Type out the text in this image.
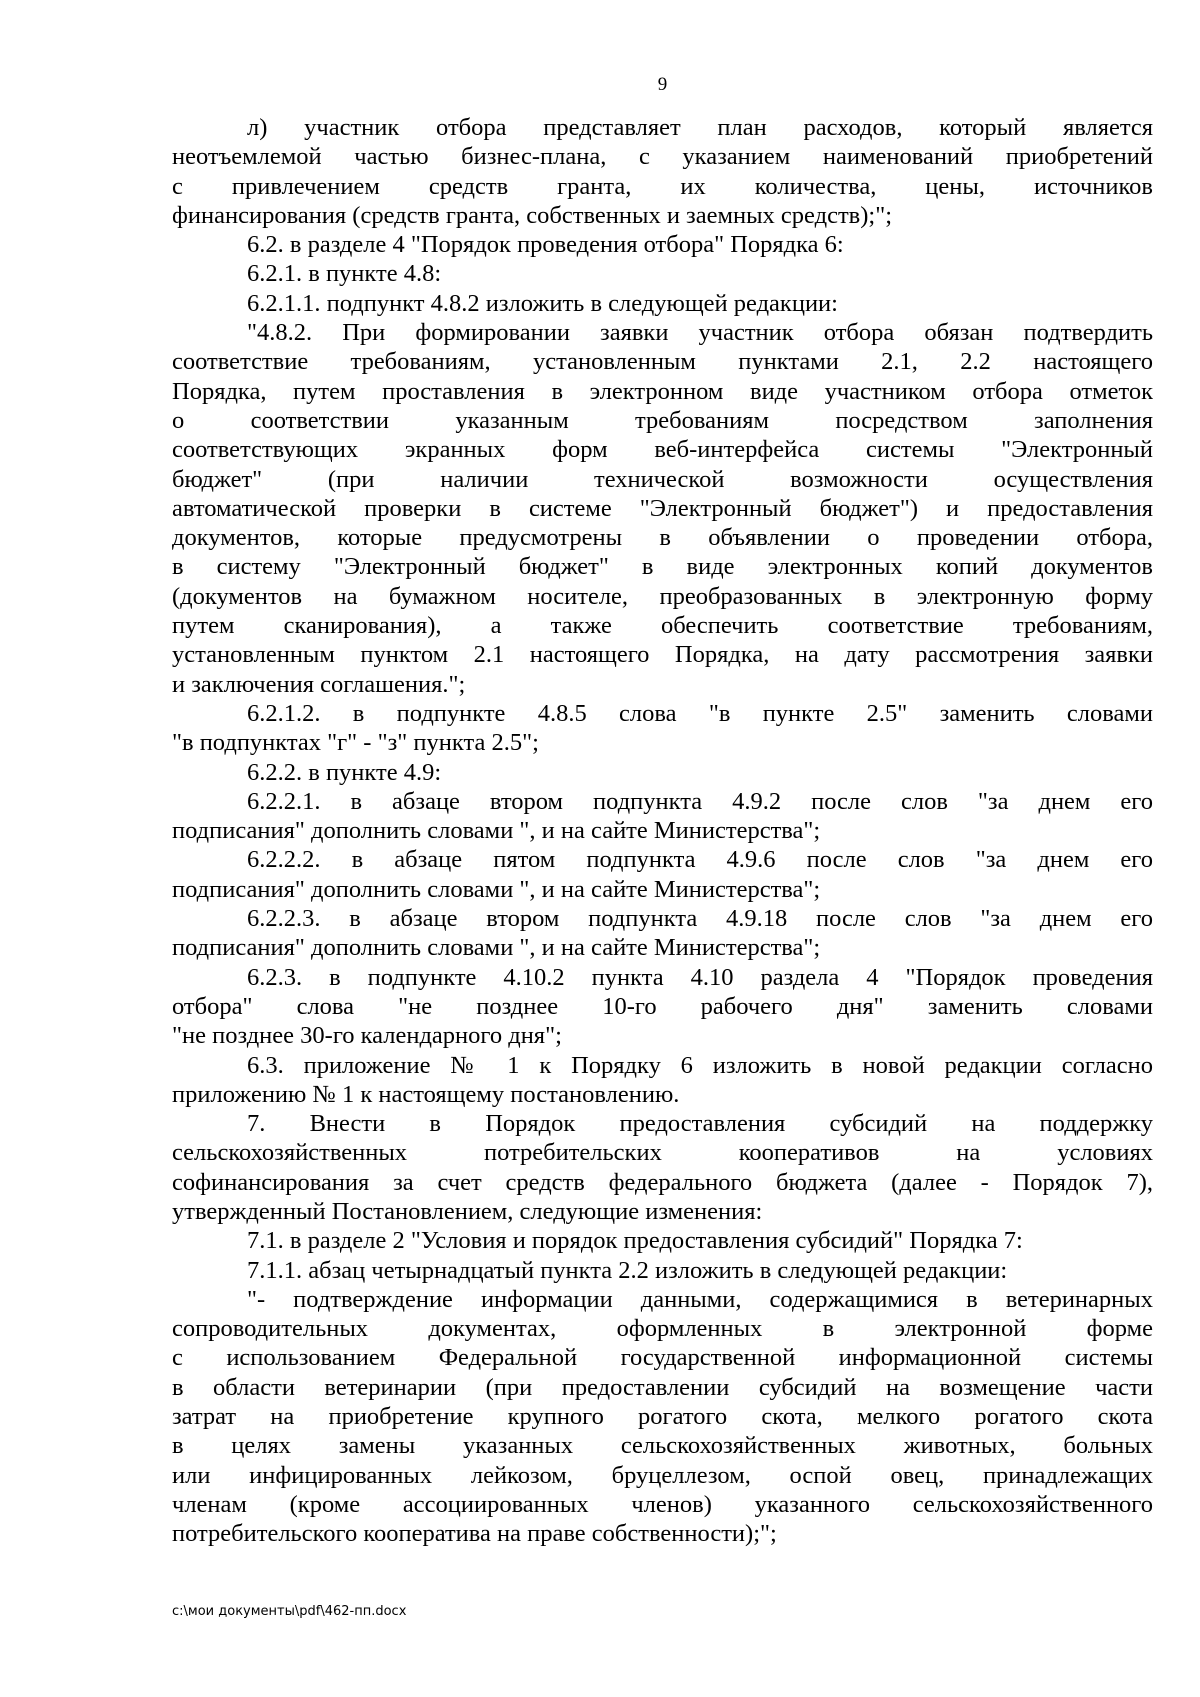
9
л) участник отбора представляет план расходов, который является
неотъемлемой частью бизнес-плана, с указанием наименований приобретений
с привлечением средств гранта, их количества, цены, источников
финансирования (средств гранта, собственных и заемных средств);";
6.2. в разделе 4 "Порядок проведения отбора" Порядка 6:
6.2.1. в пункте 4.8:
6.2.1.1. подпункт 4.8.2 изложить в следующей редакции:
"4.8.2. При формировании заявки участник отбора обязан подтвердить
соответствие требованиям, установленным пунктами 2.1, 2.2 настоящего
Порядка, путем проставления в электронном виде участником отбора отметок
о соответствии указанным требованиям посредством заполнения
соответствующих экранных форм веб-интерфейса системы "Электронный
бюджет" (при наличии технической возможности осуществления
автоматической проверки в системе "Электронный бюджет") и предоставления
документов, которые предусмотрены в объявлении о проведении отбора,
в систему "Электронный бюджет" в виде электронных копий документов
(документов на бумажном носителе, преобразованных в электронную форму
путем сканирования), а также обеспечить соответствие требованиям,
установленным пунктом 2.1 настоящего Порядка, на дату рассмотрения заявки
и заключения соглашения.";
6.2.1.2. в подпункте 4.8.5 слова "в пункте 2.5" заменить словами
"в подпунктах "г" - "з" пункта 2.5";
6.2.2. в пункте 4.9:
6.2.2.1. в абзаце втором подпункта 4.9.2 после слов "за днем его
подписания" дополнить словами ", и на сайте Министерства";
6.2.2.2. в абзаце пятом подпункта 4.9.6 после слов "за днем его
подписания" дополнить словами ", и на сайте Министерства";
6.2.2.3. в абзаце втором подпункта 4.9.18 после слов "за днем его
подписания" дополнить словами ", и на сайте Министерства";
6.2.3. в подпункте 4.10.2 пункта 4.10 раздела 4 "Порядок проведения
отбора" слова "не позднее 10-го рабочего дня" заменить словами
"не позднее 30-го календарного дня";
6.3. приложение № 1 к Порядку 6 изложить в новой редакции согласно
приложению № 1 к настоящему постановлению.
7. Внести в Порядок предоставления субсидий на поддержку
сельскохозяйственных потребительских кооперативов на условиях
софинансирования за счет средств федерального бюджета (далее - Порядок 7),
утвержденный Постановлением, следующие изменения:
7.1. в разделе 2 "Условия и порядок предоставления субсидий" Порядка 7:
7.1.1. абзац четырнадцатый пункта 2.2 изложить в следующей редакции:
"- подтверждение информации данными, содержащимися в ветеринарных
сопроводительных документах, оформленных в электронной форме
с использованием Федеральной государственной информационной системы
в области ветеринарии (при предоставлении субсидий на возмещение части
затрат на приобретение крупного рогатого скота, мелкого рогатого скота
в целях замены указанных сельскохозяйственных животных, больных
или инфицированных лейкозом, бруцеллезом, оспой овец, принадлежащих
членам (кроме ассоциированных членов) указанного сельскохозяйственного
потребительского кооператива на праве собственности);";
c:\мои документы\pdf\462-пп.docx
